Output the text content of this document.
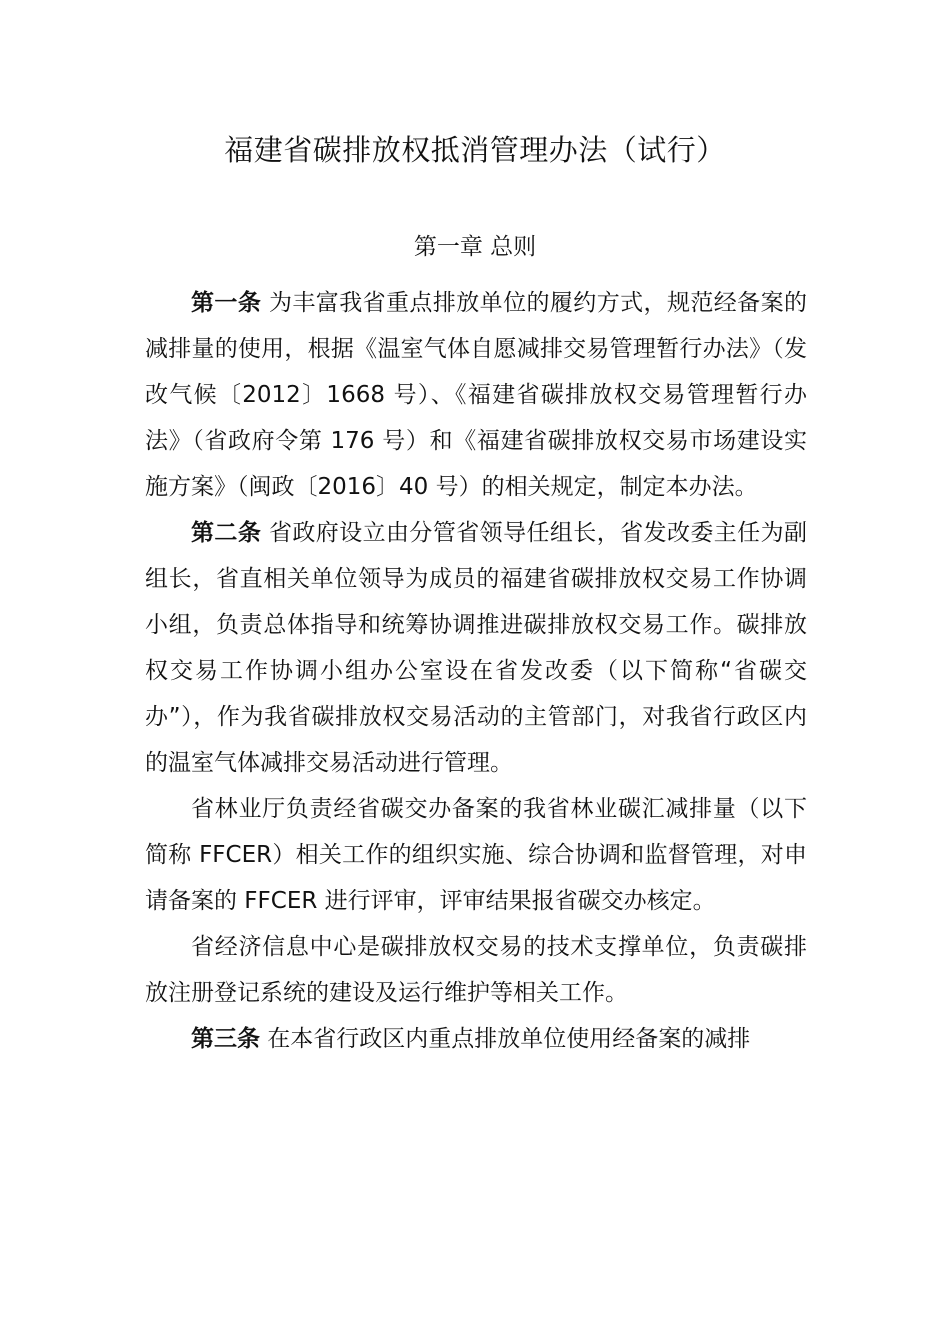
福建省碳排放权抵消管理办法（试行）
第一章 总则

第一条 为丰富我省重点排放单位的履约方式，规范经备案的减排量的使用，根据《温室气体自愿减排交易管理暂行办法》（发改气候〔2012〕1668 号）、《福建省碳排放权交易管理暂行办法》（省政府令第 176 号）和《福建省碳排放权交易市场建设实施方案》（闽政〔2016〕40 号）的相关规定，制定本办法。

第二条 省政府设立由分管省领导任组长，省发改委主任为副组长，省直相关单位领导为成员的福建省碳排放权交易工作协调小组，负责总体指导和统筹协调推进碳排放权交易工作。碳排放权交易工作协调小组办公室设在省发改委（以下简称“省碳交办”），作为我省碳排放权交易活动的主管部门，对我省行政区内的温室气体减排交易活动进行管理。

省林业厅负责经省碳交办备案的我省林业碳汇减排量（以下简称 FFCER）相关工作的组织实施、综合协调和监督管理，对申请备案的 FFCER 进行评审，评审结果报省碳交办核定。

省经济信息中心是碳排放权交易的技术支撑单位，负责碳排放注册登记系统的建设及运行维护等相关工作。

第三条 在本省行政区内重点排放单位使用经备案的减排
